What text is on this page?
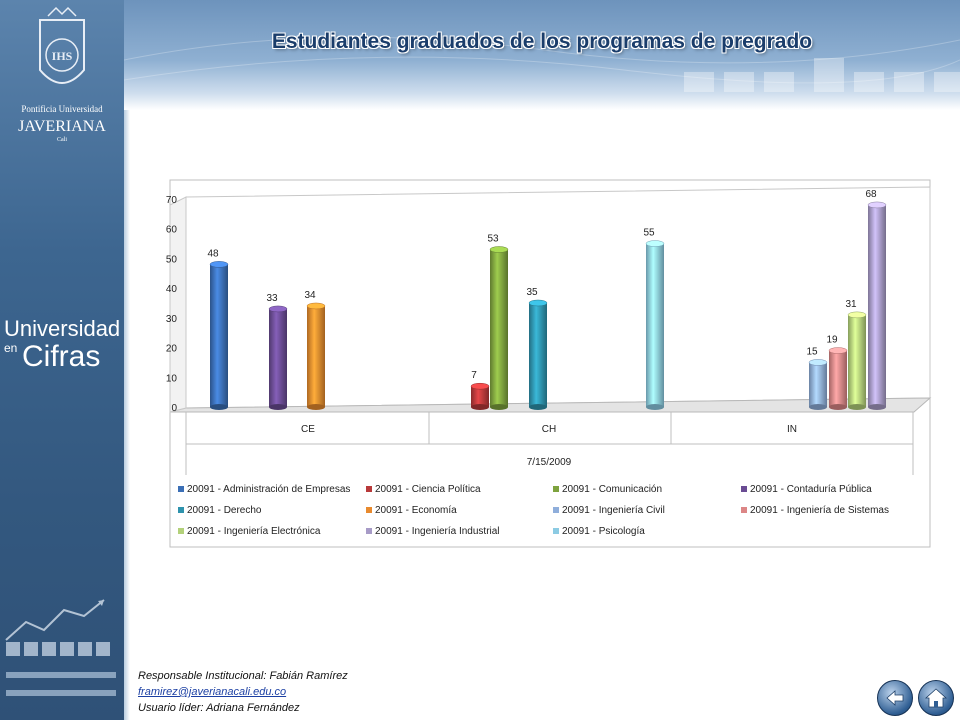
IHS
Pontificia Universidad
JAVERIANA
Cali
Universidad
en Cifras
Estudiantes graduados de los programas de pregrado
0
10
20
30
40
50
60
70
CE	CH	IN
7/15/2009
48
7
53
33
35
34
15
19
31
68
55
20091 - Administración de Empresas 20091 - Ciencia Política	20091 - Comunicación	20091 - Contaduría Pública
20091 - Derecho	20091 - Economía	20091 - Ingeniería Civil	20091 - Ingeniería de Sistemas
20091 - Ingeniería Electrónica	20091 - Ingeniería Industrial	20091 - Psicología
Responsable Institucional: Fabián Ramírez
framirez@javerianacali.edu.co
Usuario líder: Adriana Fernández
